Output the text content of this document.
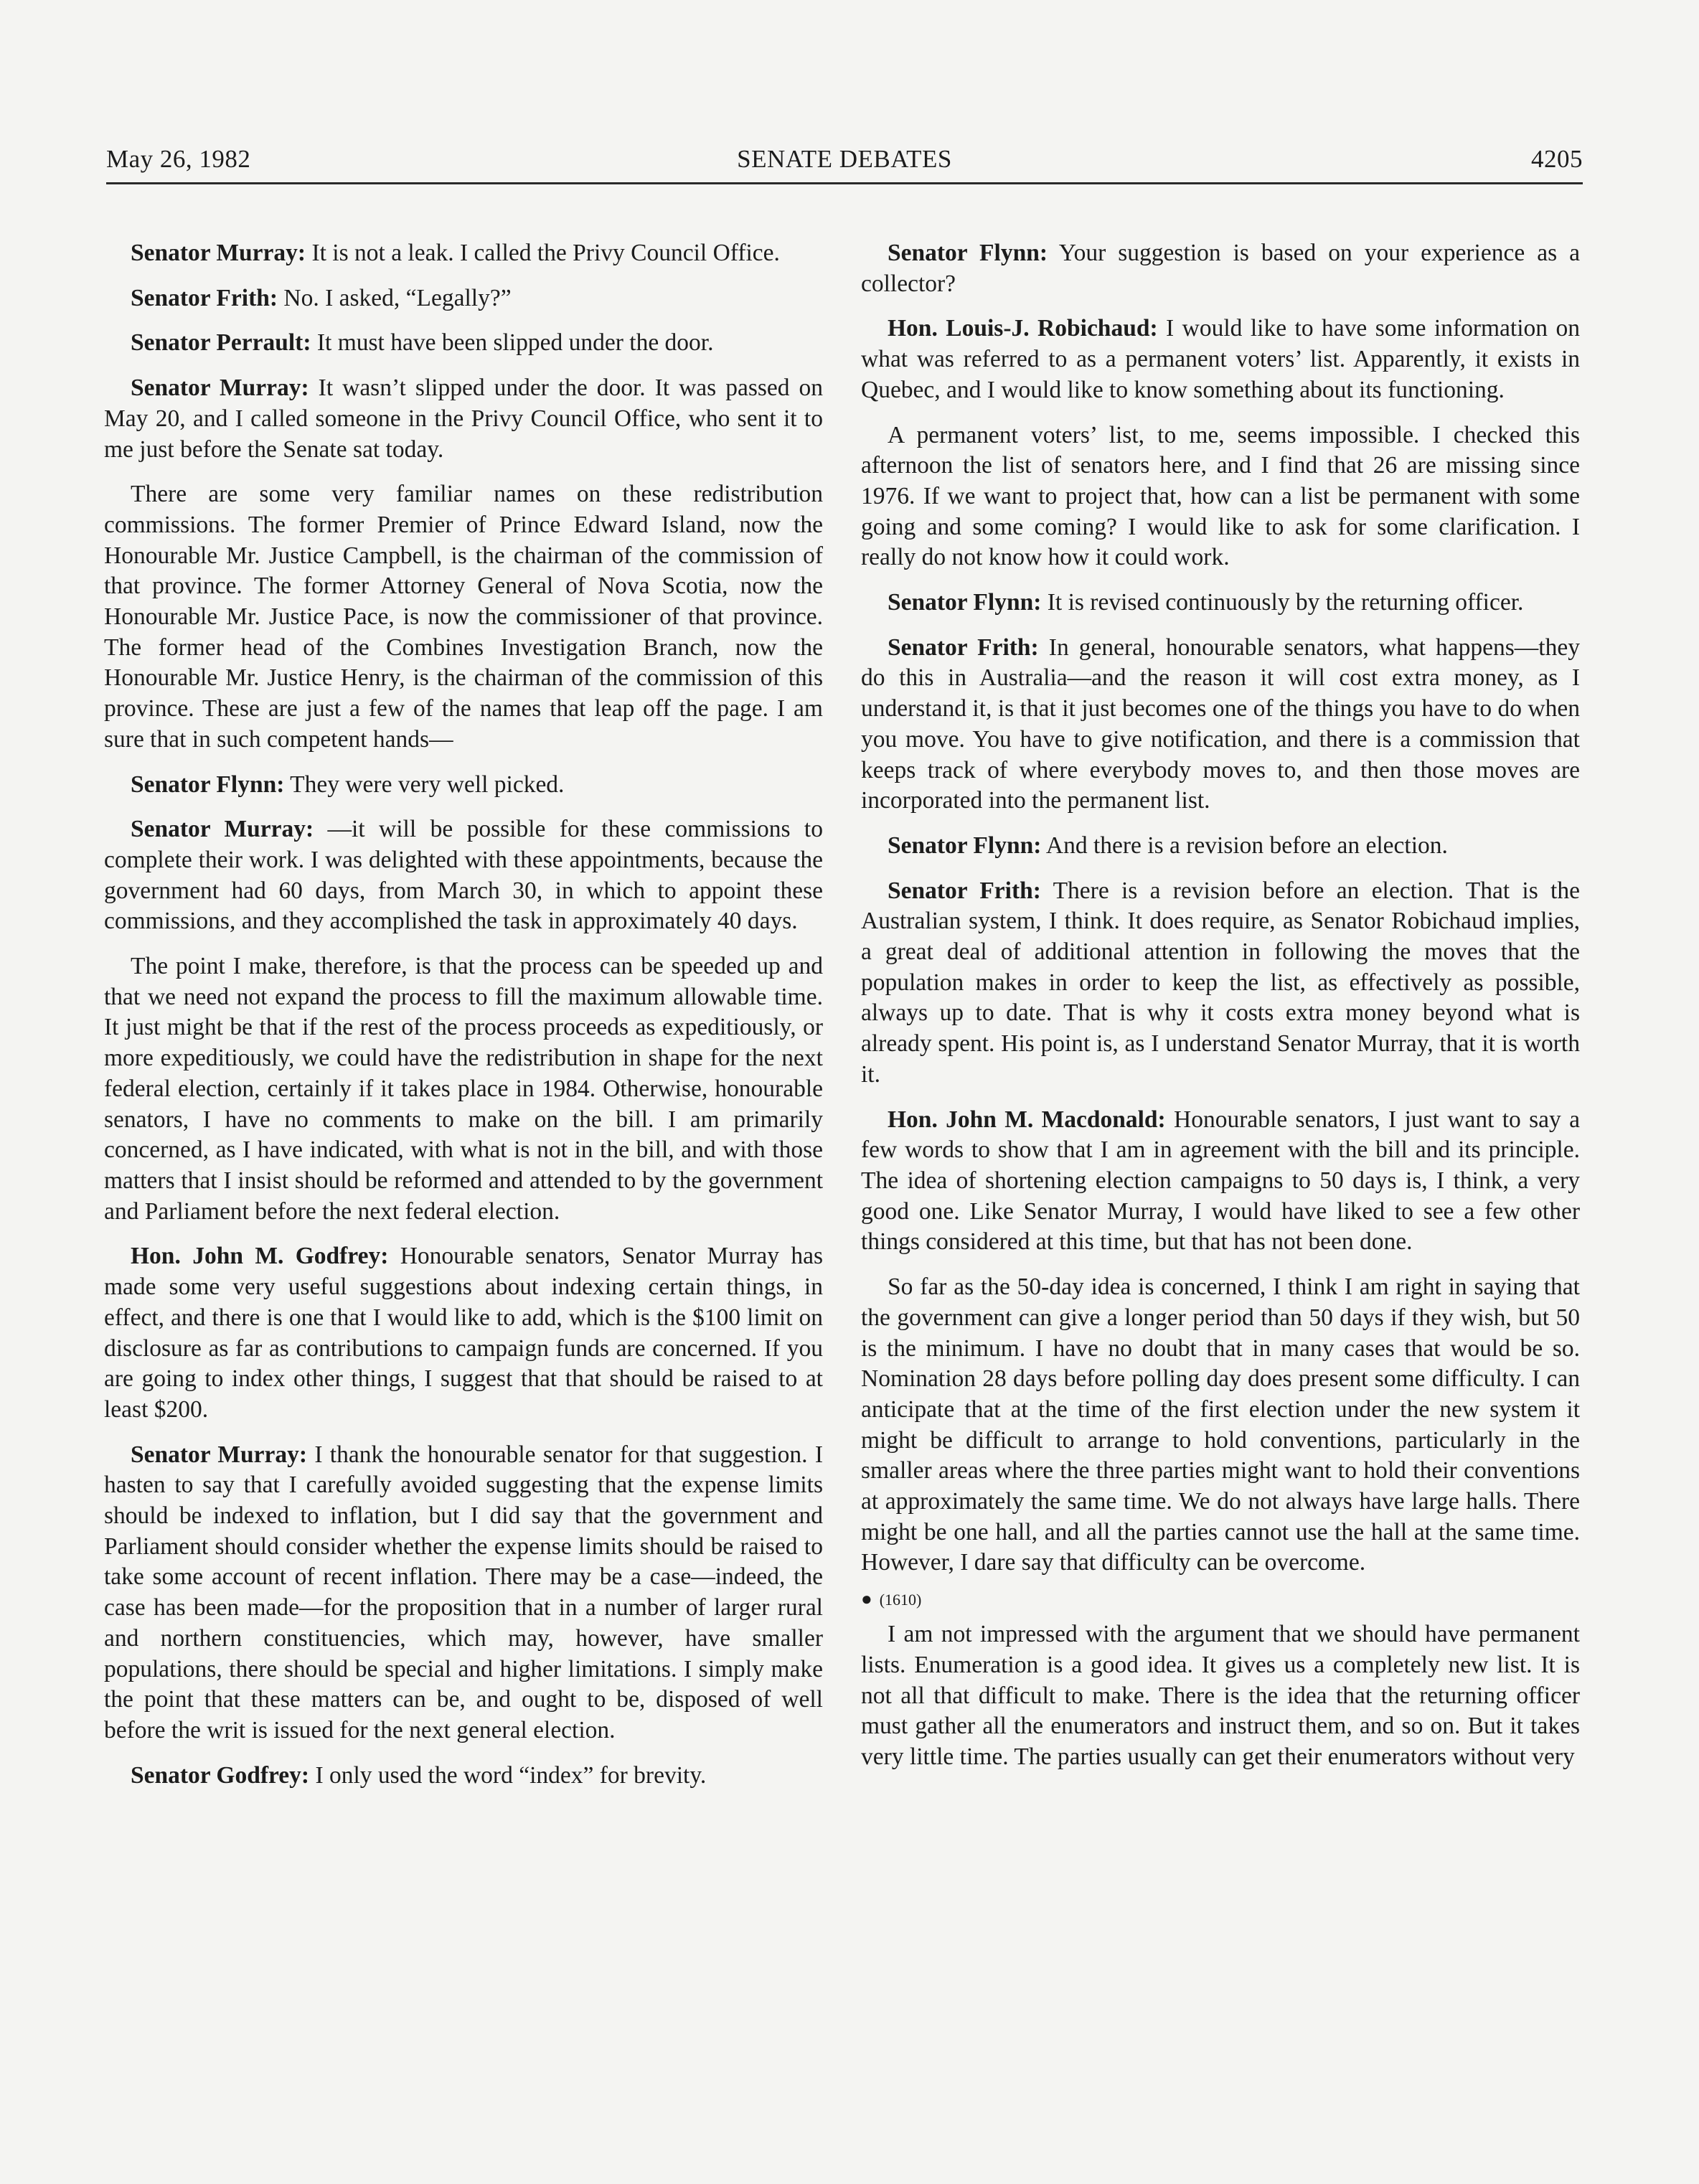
May 26, 1982	SENATE DEBATES	4205

Senator Murray: It is not a leak. I called the Privy Council Office.

Senator Frith: No. I asked, “Legally?”

Senator Perrault: It must have been slipped under the door.

Senator Murray: It wasn’t slipped under the door. It was passed on May 20, and I called someone in the Privy Council Office, who sent it to me just before the Senate sat today.

There are some very familiar names on these redistribution commissions. The former Premier of Prince Edward Island, now the Honourable Mr. Justice Campbell, is the chairman of the commission of that province. The former Attorney General of Nova Scotia, now the Honourable Mr. Justice Pace, is now the commissioner of that province. The former head of the Combines Investigation Branch, now the Honourable Mr. Justice Henry, is the chairman of the commission of this province. These are just a few of the names that leap off the page. I am sure that in such competent hands—

Senator Flynn: They were very well picked.

Senator Murray: —it will be possible for these commissions to complete their work. I was delighted with these appointments, because the government had 60 days, from March 30, in which to appoint these commissions, and they accomplished the task in approximately 40 days.

The point I make, therefore, is that the process can be speeded up and that we need not expand the process to fill the maximum allowable time. It just might be that if the rest of the process proceeds as expeditiously, or more expeditiously, we could have the redistribution in shape for the next federal election, certainly if it takes place in 1984. Otherwise, honourable senators, I have no comments to make on the bill. I am primarily concerned, as I have indicated, with what is not in the bill, and with those matters that I insist should be reformed and attended to by the government and Parliament before the next federal election.

Hon. John M. Godfrey: Honourable senators, Senator Murray has made some very useful suggestions about indexing certain things, in effect, and there is one that I would like to add, which is the $100 limit on disclosure as far as contributions to campaign funds are concerned. If you are going to index other things, I suggest that that should be raised to at least $200.

Senator Murray: I thank the honourable senator for that suggestion. I hasten to say that I carefully avoided suggesting that the expense limits should be indexed to inflation, but I did say that the government and Parliament should consider whether the expense limits should be raised to take some account of recent inflation. There may be a case—indeed, the case has been made—for the proposition that in a number of larger rural and northern constituencies, which may, however, have smaller populations, there should be special and higher limitations. I simply make the point that these matters can be, and ought to be, disposed of well before the writ is issued for the next general election.

Senator Godfrey: I only used the word “index” for brevity.

Senator Flynn: Your suggestion is based on your experience as a collector?

Hon. Louis-J. Robichaud: I would like to have some information on what was referred to as a permanent voters’ list. Apparently, it exists in Quebec, and I would like to know something about its functioning.

A permanent voters’ list, to me, seems impossible. I checked this afternoon the list of senators here, and I find that 26 are missing since 1976. If we want to project that, how can a list be permanent with some going and some coming? I would like to ask for some clarification. I really do not know how it could work.

Senator Flynn: It is revised continuously by the returning officer.

Senator Frith: In general, honourable senators, what happens—they do this in Australia—and the reason it will cost extra money, as I understand it, is that it just becomes one of the things you have to do when you move. You have to give notification, and there is a commission that keeps track of where everybody moves to, and then those moves are incorporated into the permanent list.

Senator Flynn: And there is a revision before an election.

Senator Frith: There is a revision before an election. That is the Australian system, I think. It does require, as Senator Robichaud implies, a great deal of additional attention in following the moves that the population makes in order to keep the list, as effectively as possible, always up to date. That is why it costs extra money beyond what is already spent. His point is, as I understand Senator Murray, that it is worth it.

Hon. John M. Macdonald: Honourable senators, I just want to say a few words to show that I am in agreement with the bill and its principle. The idea of shortening election campaigns to 50 days is, I think, a very good one. Like Senator Murray, I would have liked to see a few other things considered at this time, but that has not been done.

So far as the 50-day idea is concerned, I think I am right in saying that the government can give a longer period than 50 days if they wish, but 50 is the minimum. I have no doubt that in many cases that would be so. Nomination 28 days before polling day does present some difficulty. I can anticipate that at the time of the first election under the new system it might be difficult to arrange to hold conventions, particularly in the smaller areas where the three parties might want to hold their conventions at approximately the same time. We do not always have large halls. There might be one hall, and all the parties cannot use the hall at the same time. However, I dare say that difficulty can be overcome.

● (1610)

I am not impressed with the argument that we should have permanent lists. Enumeration is a good idea. It gives us a completely new list. It is not all that difficult to make. There is the idea that the returning officer must gather all the enumerators and instruct them, and so on. But it takes very little time. The parties usually can get their enumerators without very
